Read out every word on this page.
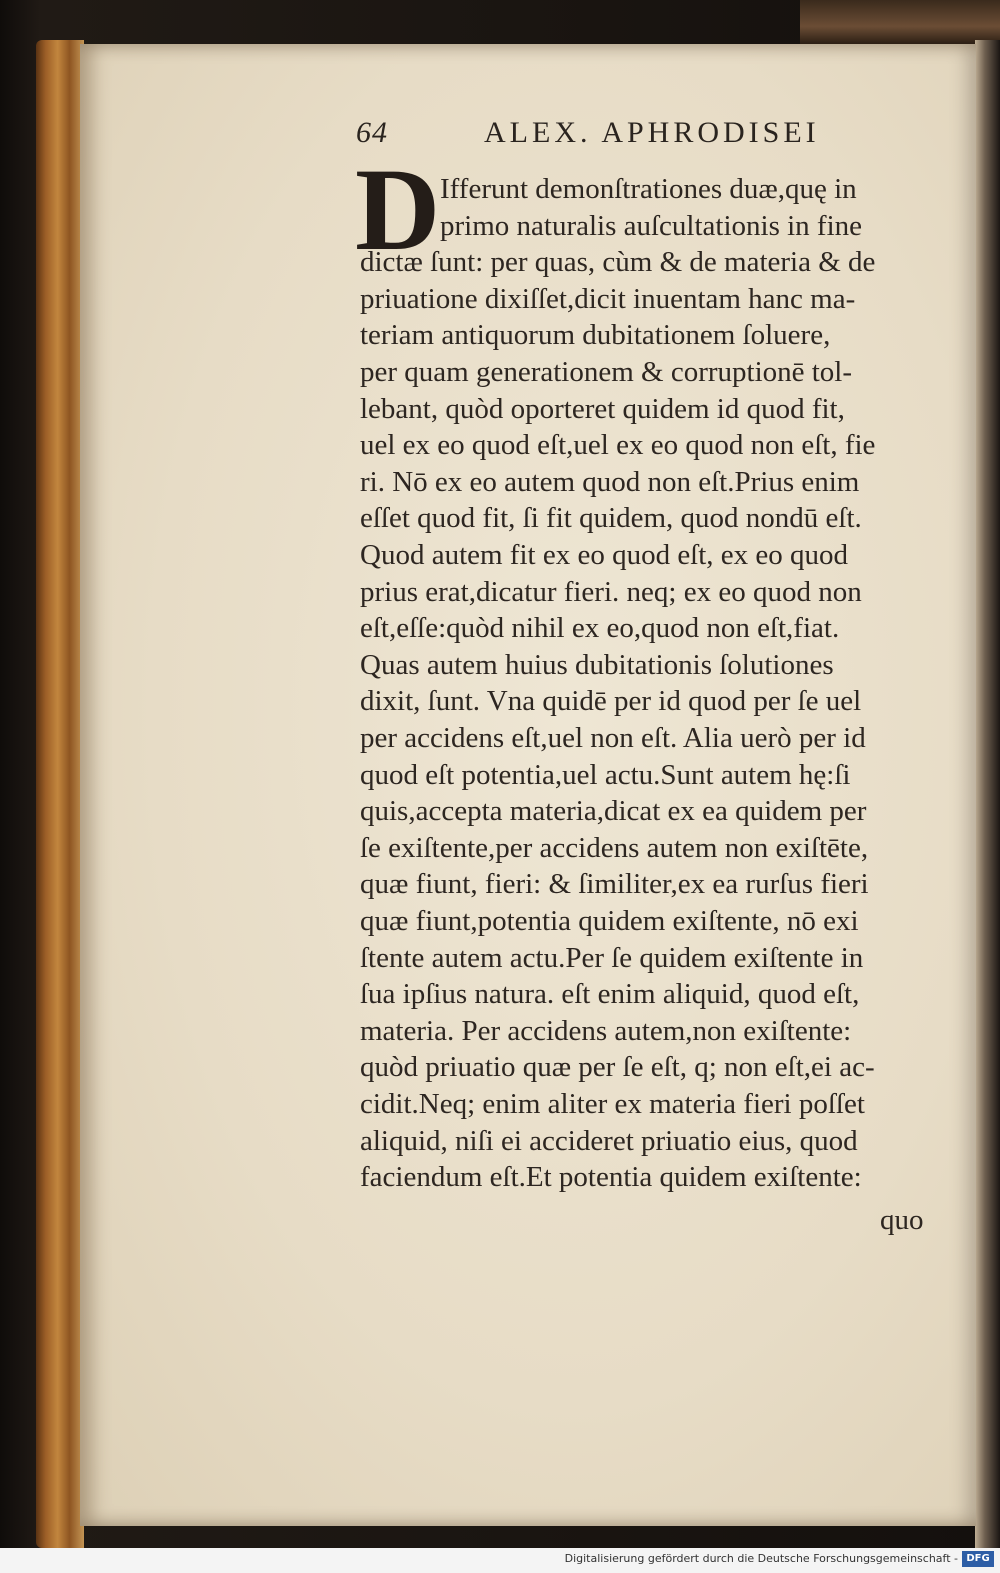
64	ALEX. APHRODISEI
D Ifferunt demonſtrationes duæ,quę in
primo naturalis auſcultationis in fine
dictæ ſunt: per quas, cùm & de materia & de
priuatione dixiſſet,dicit inuentam hanc ma-
teriam antiquorum dubitationem ſoluere,
per quam generationem & corruptionē tol-
lebant, quòd oporteret quidem id quod fit,
uel ex eo quod eſt,uel ex eo quod non eſt, fie
ri. Nō ex eo autem quod non eſt.Prius enim
eſſet quod fit, ſi fit quidem, quod nondū eſt.
Quod autem fit ex eo quod eſt, ex eo quod
prius erat,dicatur fieri. neq; ex eo quod non
eſt,eſſe:quòd nihil ex eo,quod non eſt,fiat.
Quas autem huius dubitationis ſolutiones
dixit, ſunt. Vna quidē per id quod per ſe uel
per accidens eſt,uel non eſt. Alia uerò per id
quod eſt potentia,uel actu.Sunt autem hę:ſi
quis,accepta materia,dicat ex ea quidem per
ſe exiſtente,per accidens autem non exiſtēte,
quæ fiunt, fieri: & ſimiliter,ex ea rurſus fieri
quæ fiunt,potentia quidem exiſtente, nō exi
ſtente autem actu.Per ſe quidem exiſtente in
ſua ipſius natura. eſt enim aliquid, quod eſt,
materia. Per accidens autem,non exiſtente:
quòd priuatio quæ per ſe eſt, q; non eſt,ei ac-
cidit.Neq; enim aliter ex materia fieri poſſet
aliquid, niſi ei accideret priuatio eius, quod
faciendum eſt.Et potentia quidem exiſtente:
quo
Digitalisierung gefördert durch die Deutsche Forschungsgemeinschaft - DFG
